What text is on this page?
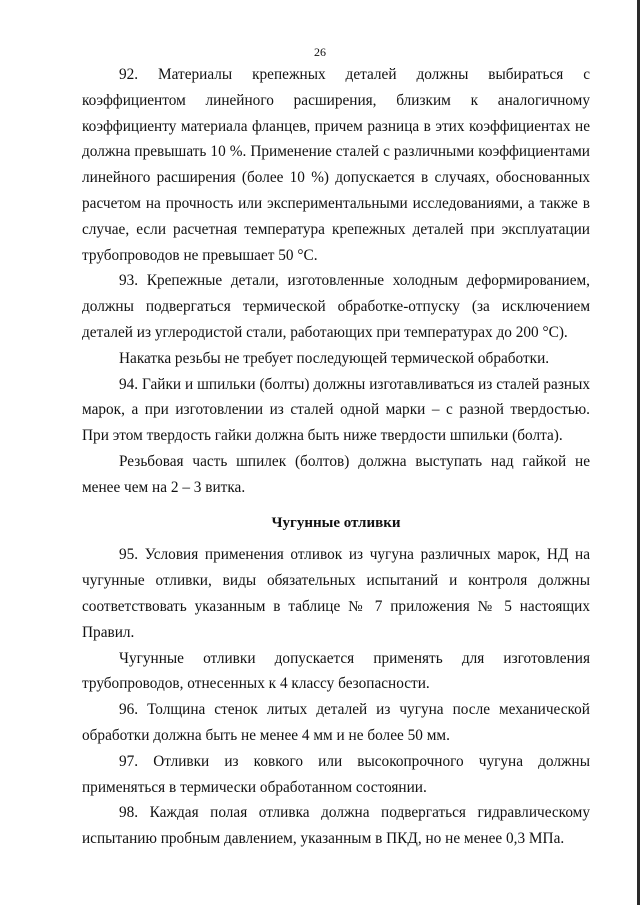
26

92. Материалы крепежных деталей должны выбираться с коэффициентом линейного расширения, близким к аналогичному коэффициенту материала фланцев, причем разница в этих коэффициентах не должна превышать 10 %. Применение сталей с различными коэффициентами линейного расширения (более 10 %) допускается в случаях, обоснованных расчетом на прочность или экспериментальными исследованиями, а также в случае, если расчетная температура крепежных деталей при эксплуатации трубопроводов не превышает 50 °С.

93. Крепежные детали, изготовленные холодным деформированием, должны подвергаться термической обработке-отпуску (за исключением деталей из углеродистой стали, работающих при температурах до 200 °С).

Накатка резьбы не требует последующей термической обработки.

94. Гайки и шпильки (болты) должны изготавливаться из сталей разных марок, а при изготовлении из сталей одной марки – с разной твердостью. При этом твердость гайки должна быть ниже твердости шпильки (болта).

Резьбовая часть шпилек (болтов) должна выступать над гайкой не менее чем на 2 – 3 витка.

Чугунные отливки

95. Условия применения отливок из чугуна различных марок, НД на чугунные отливки, виды обязательных испытаний и контроля должны соответствовать указанным в таблице № 7 приложения № 5 настоящих Правил.

Чугунные отливки допускается применять для изготовления трубопроводов, отнесенных к 4 классу безопасности.

96. Толщина стенок литых деталей из чугуна после механической обработки должна быть не менее 4 мм и не более 50 мм.

97. Отливки из ковкого или высокопрочного чугуна должны применяться в термически обработанном состоянии.

98. Каждая полая отливка должна подвергаться гидравлическому испытанию пробным давлением, указанным в ПКД, но не менее 0,3 МПа.
